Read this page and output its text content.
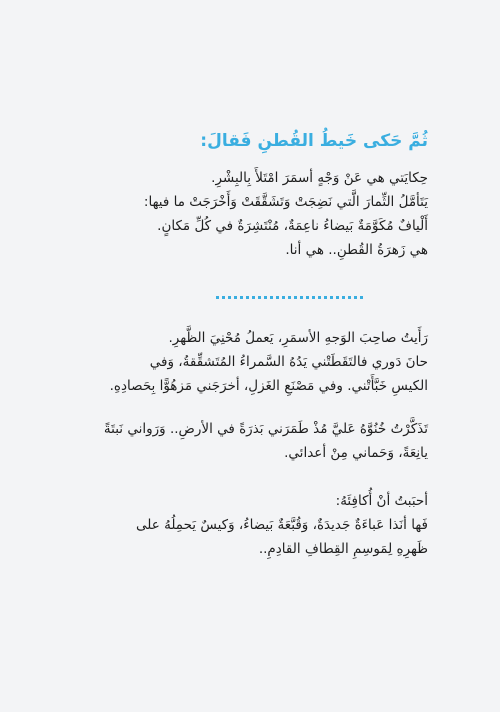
ثُمَّ حَكى خَيطُ القُطنِ فَقالَ:
حِكايَتي هي عَنْ وَجْهٍ أسمَرَ امْتَلأَ بِالبِشْرِ.
يَتَأمَّلُ الثِّمارَ الَّتي نَضِجَتْ وَتَشَقَّقَتْ وَأَخْرَجَتْ ما فيها:
أَلْيافٌ مُكَوَّمَةٌ بَيضاءُ ناعِمَةٌ، مُنْتَشِرَةٌ في كُلِّ مَكانٍ.
هي زَهرَةُ القُطنِ.. هي أنا.
رَأَيتُ صاحِبَ الوَجهِ الأسمَرِ، يَعملُ مُحْنِيَ الظَّهرِ.
حانَ دَوري فالتَقَطَتْني يَدُهُ السَّمراءُ المُتَشقِّقةُ، وَفي
الكيسِ خَبَّأَتْني. وفي مَصْنَعِ الغَزلِ، أخرَجَني مَزهُوًّا بِحَصادِهِ.
تَذَكَّرْتُ خُنُوَّهُ عَليَّ مُذْ طَمَرَني بَذرَةً في الأرضِ.. وَرَواني نَبتَةً
يانِعَةً، وَحَماني مِنْ أعدائي.
أحبَبتُ أنْ أُكافِئَهُ:
فَها أنَذا عَباءَةٌ جَديدَةٌ، وَقُبَّعَةٌ بَيضاءُ، وَكيسٌ يَحمِلُهُ على
ظَهرِهِ لِمَوسِمِ القِطافِ القادِمِ..
